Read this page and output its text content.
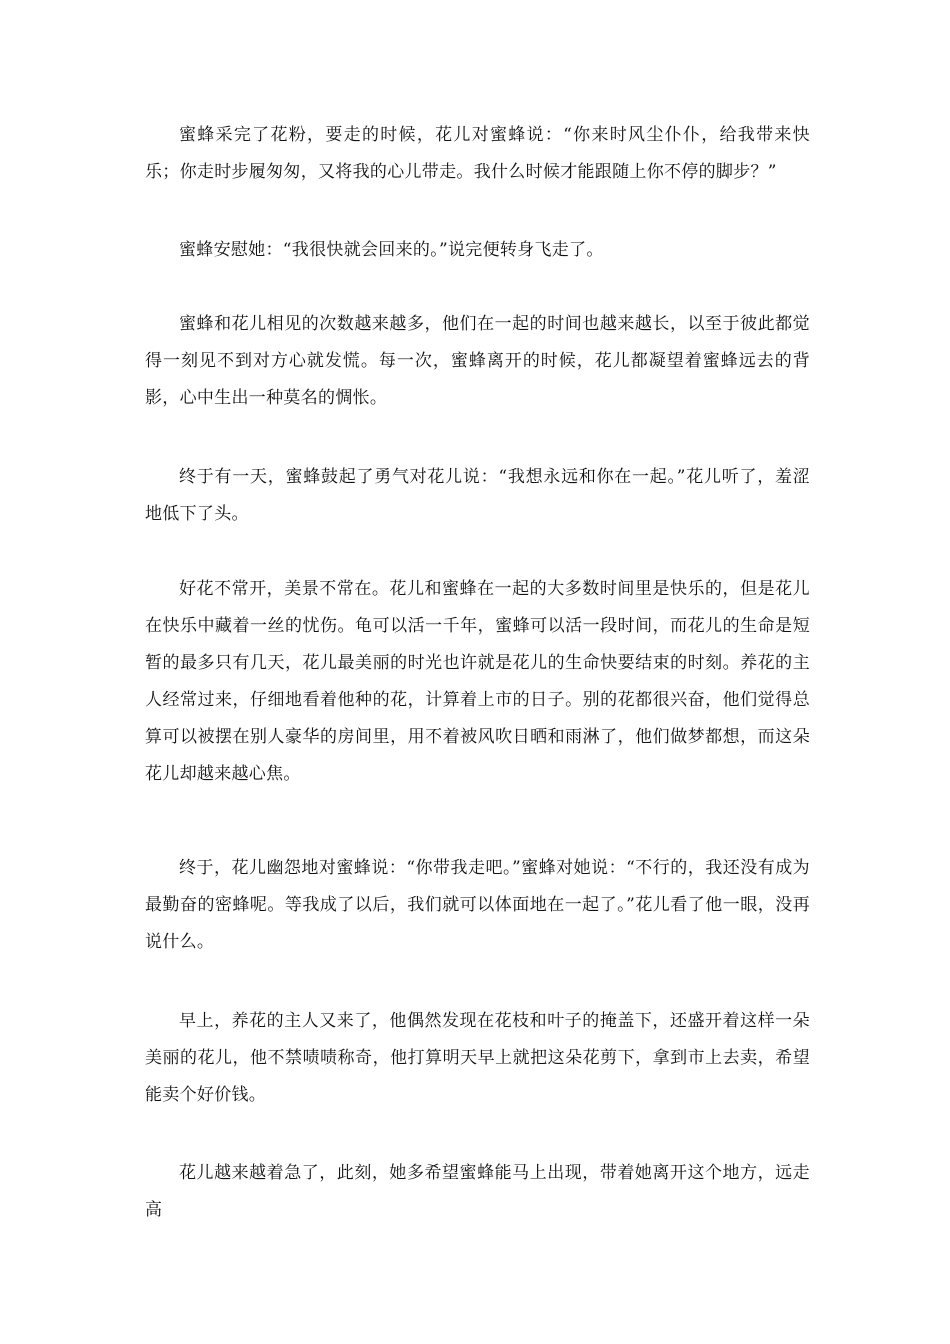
蜜蜂采完了花粉，要走的时候，花儿对蜜蜂说：“你来时风尘仆仆，给我带来快乐；你走时步履匆匆，又将我的心儿带走。我什么时候才能跟随上你不停的脚步？”

蜜蜂安慰她：“我很快就会回来的。”说完便转身飞走了。

蜜蜂和花儿相见的次数越来越多，他们在一起的时间也越来越长，以至于彼此都觉得一刻见不到对方心就发慌。每一次，蜜蜂离开的时候，花儿都凝望着蜜蜂远去的背影，心中生出一种莫名的惆怅。

终于有一天，蜜蜂鼓起了勇气对花儿说：“我想永远和你在一起。”花儿听了，羞涩地低下了头。

好花不常开，美景不常在。花儿和蜜蜂在一起的大多数时间里是快乐的，但是花儿在快乐中藏着一丝的忧伤。龟可以活一千年，蜜蜂可以活一段时间，而花儿的生命是短暂的最多只有几天，花儿最美丽的时光也许就是花儿的生命快要结束的时刻。养花的主人经常过来，仔细地看着他种的花，计算着上市的日子。别的花都很兴奋，他们觉得总算可以被摆在别人豪华的房间里，用不着被风吹日晒和雨淋了，他们做梦都想，而这朵花儿却越来越心焦。

终于，花儿幽怨地对蜜蜂说：“你带我走吧。”蜜蜂对她说：“不行的，我还没有成为最勤奋的密蜂呢。等我成了以后，我们就可以体面地在一起了。”花儿看了他一眼，没再说什么。

早上，养花的主人又来了，他偶然发现在花枝和叶子的掩盖下，还盛开着这样一朵美丽的花儿，他不禁啧啧称奇，他打算明天早上就把这朵花剪下，拿到市上去卖，希望能卖个好价钱。

花儿越来越着急了，此刻，她多希望蜜蜂能马上出现，带着她离开这个地方，远走高
